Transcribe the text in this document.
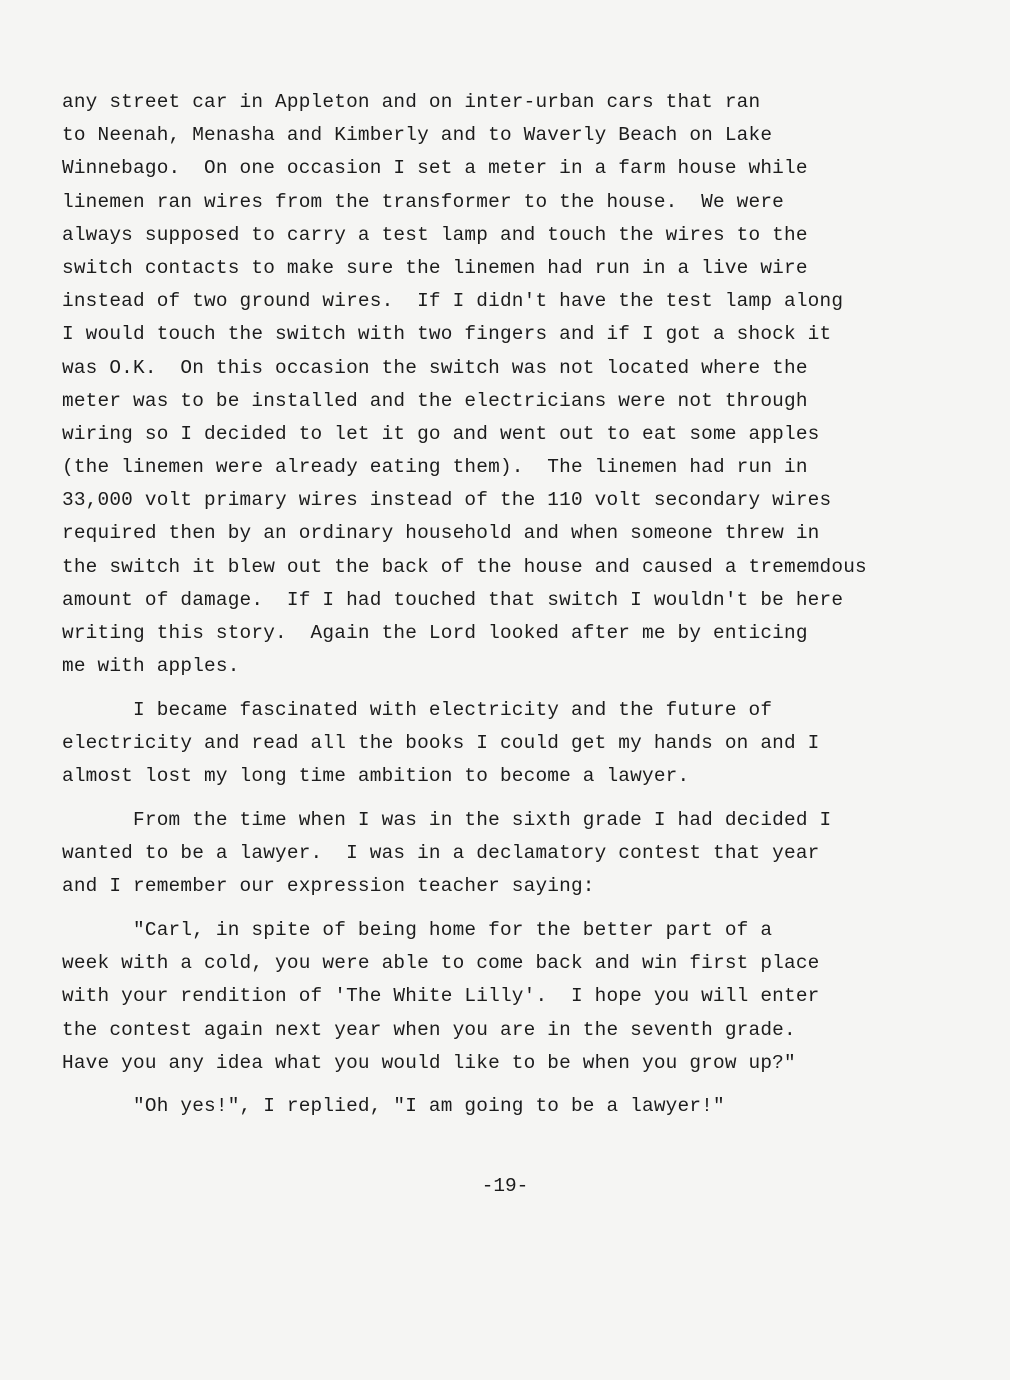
any street car in Appleton and on inter-urban cars that ran
to Neenah, Menasha and Kimberly and to Waverly Beach on Lake
Winnebago.  On one occasion I set a meter in a farm house while
linemen ran wires from the transformer to the house.  We were
always supposed to carry a test lamp and touch the wires to the
switch contacts to make sure the linemen had run in a live wire
instead of two ground wires.  If I didn't have the test lamp along
I would touch the switch with two fingers and if I got a shock it
was O.K.  On this occasion the switch was not located where the
meter was to be installed and the electricians were not through
wiring so I decided to let it go and went out to eat some apples
(the linemen were already eating them).  The linemen had run in
33,000 volt primary wires instead of the 110 volt secondary wires
required then by an ordinary household and when someone threw in
the switch it blew out the back of the house and caused a trememdous
amount of damage.  If I had touched that switch I wouldn't be here
writing this story.  Again the Lord looked after me by enticing
me with apples.
I became fascinated with electricity and the future of
electricity and read all the books I could get my hands on and I
almost lost my long time ambition to become a lawyer.
From the time when I was in the sixth grade I had decided I
wanted to be a lawyer.  I was in a declamatory contest that year
and I remember our expression teacher saying:
"Carl, in spite of being home for the better part of a
week with a cold, you were able to come back and win first place
with your rendition of 'The White Lilly'.  I hope you will enter
the contest again next year when you are in the seventh grade.
Have you any idea what you would like to be when you grow up?"
"Oh yes!", I replied, "I am going to be a lawyer!"
-19-
